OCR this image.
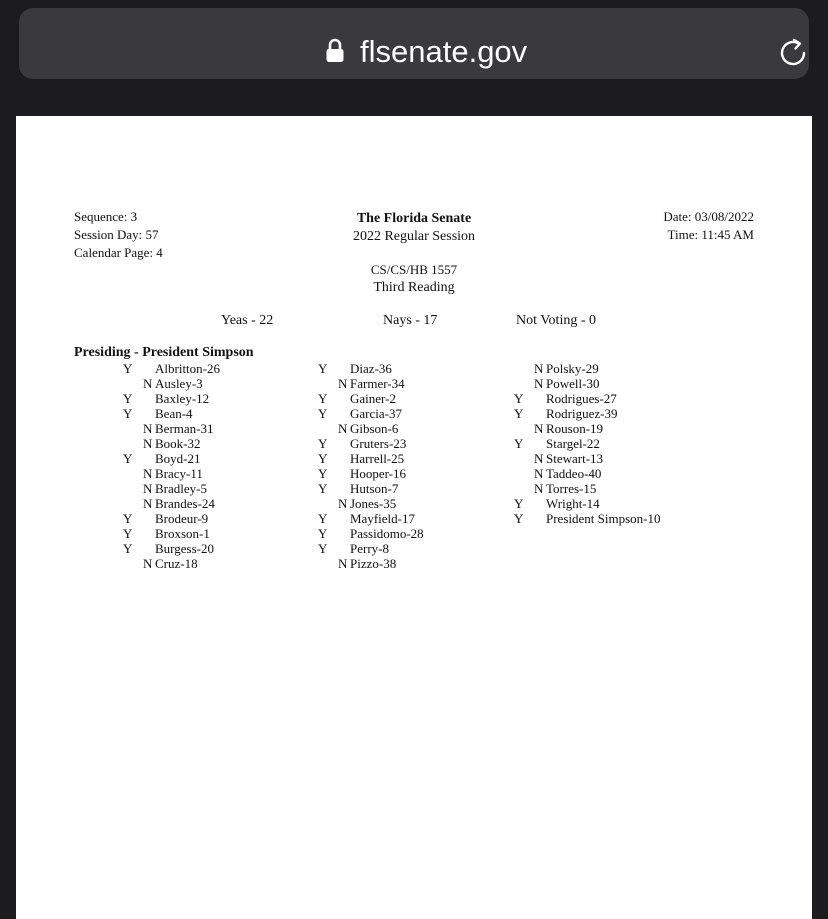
flsenate.gov
Sequence: 3
Session Day: 57
Calendar Page: 4
The Florida Senate
2022 Regular Session
CS/CS/HB 1557
Third Reading
Date: 03/08/2022
Time: 11:45 AM
Yeas - 22	Nays - 17	Not Voting - 0
Presiding - President Simpson
Y Albritton-26
N Ausley-3
Y Baxley-12
Y Bean-4
N Berman-31
N Book-32
Y Boyd-21
N Bracy-11
N Bradley-5
N Brandes-24
Y Brodeur-9
Y Broxson-1
Y Burgess-20
N Cruz-18
Y Diaz-36
N Farmer-34
Y Gainer-2
Y Garcia-37
N Gibson-6
Y Gruters-23
Y Harrell-25
Y Hooper-16
Y Hutson-7
N Jones-35
Y Mayfield-17
Y Passidomo-28
Y Perry-8
N Pizzo-38
N Polsky-29
N Powell-30
Y Rodrigues-27
Y Rodriguez-39
N Rouson-19
Y Stargel-22
N Stewart-13
N Taddeo-40
N Torres-15
Y Wright-14
Y President Simpson-10
